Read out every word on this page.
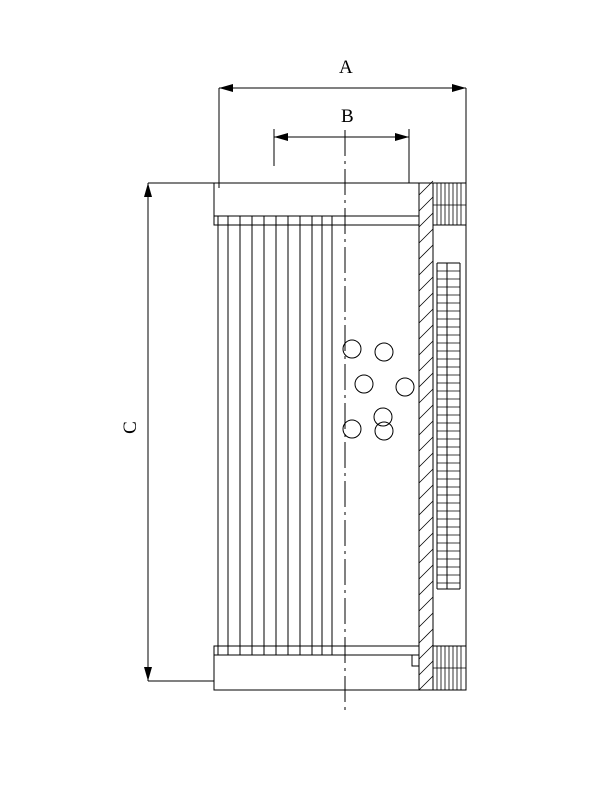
A
B
C
